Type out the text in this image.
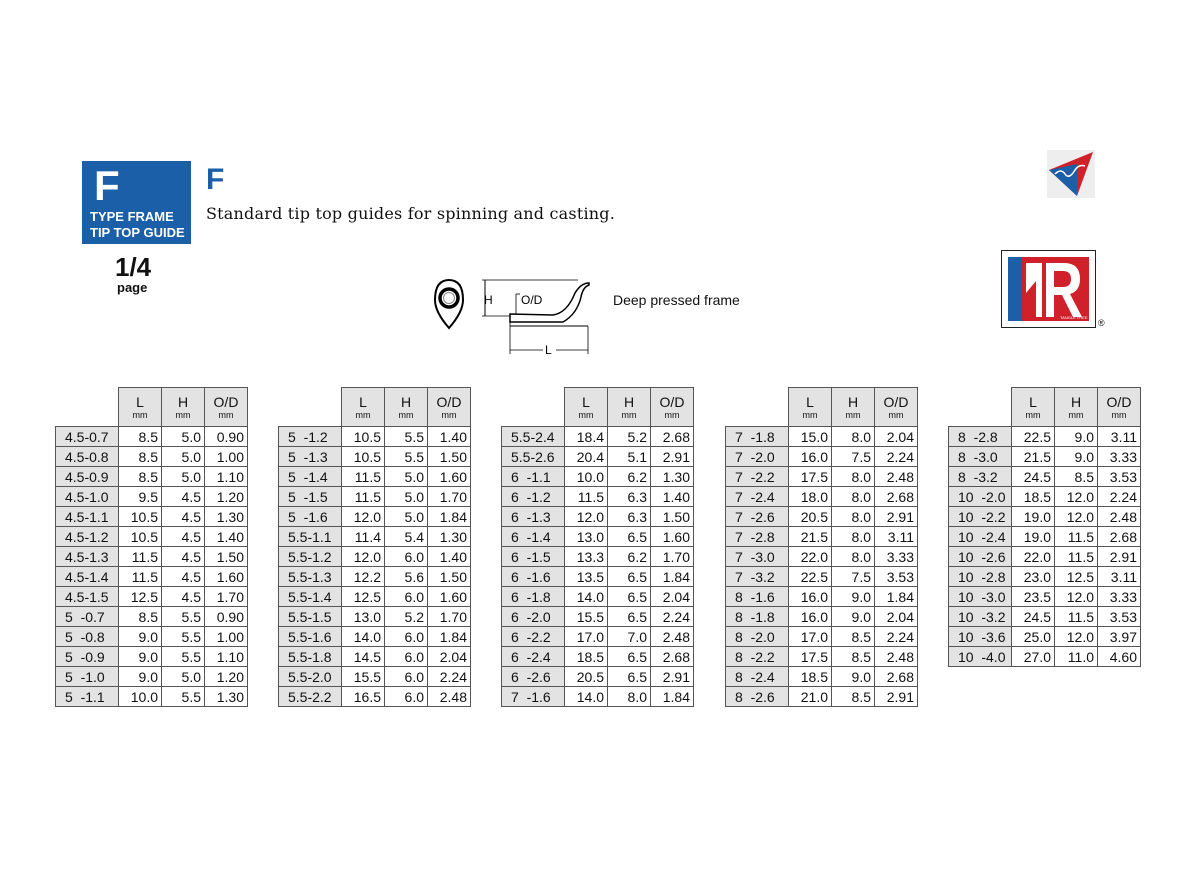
F
TYPE FRAME
TIP TOP GUIDE
1/4
page
F
Standard tip top guides for spinning and casting.
TANGLE FREE
®
H O/D
L
Deep pressed frame

	L
mm	H
mm	O/D
mm

4.5-0.7	8.5	5.0	0.90
4.5-0.8	8.5	5.0	1.00
4.5-0.9	8.5	5.0	1.10
4.5-1.0	9.5	4.5	1.20
4.5-1.1	10.5	4.5	1.30
4.5-1.2	10.5	4.5	1.40
4.5-1.3	11.5	4.5	1.50
4.5-1.4	11.5	4.5	1.60
4.5-1.5	12.5	4.5	1.70
5  -0.7	8.5	5.5	0.90
5  -0.8	9.0	5.5	1.00
5  -0.9	9.0	5.5	1.10
5  -1.0	9.0	5.0	1.20
5  -1.1	10.0	5.5	1.30

	L
mm	H
mm	O/D
mm

5  -1.2	10.5	5.5	1.40
5  -1.3	10.5	5.5	1.50
5  -1.4	11.5	5.0	1.60
5  -1.5	11.5	5.0	1.70
5  -1.6	12.0	5.0	1.84
5.5-1.1	11.4	5.4	1.30
5.5-1.2	12.0	6.0	1.40
5.5-1.3	12.2	5.6	1.50
5.5-1.4	12.5	6.0	1.60
5.5-1.5	13.0	5.2	1.70
5.5-1.6	14.0	6.0	1.84
5.5-1.8	14.5	6.0	2.04
5.5-2.0	15.5	6.0	2.24
5.5-2.2	16.5	6.0	2.48

	L
mm	H
mm	O/D
mm

5.5-2.4	18.4	5.2	2.68
5.5-2.6	20.4	5.1	2.91
6  -1.1	10.0	6.2	1.30
6  -1.2	11.5	6.3	1.40
6  -1.3	12.0	6.3	1.50
6  -1.4	13.0	6.5	1.60
6  -1.5	13.3	6.2	1.70
6  -1.6	13.5	6.5	1.84
6  -1.8	14.0	6.5	2.04
6  -2.0	15.5	6.5	2.24
6  -2.2	17.0	7.0	2.48
6  -2.4	18.5	6.5	2.68
6  -2.6	20.5	6.5	2.91
7  -1.6	14.0	8.0	1.84

	L
mm	H
mm	O/D
mm

7  -1.8	15.0	8.0	2.04
7  -2.0	16.0	7.5	2.24
7  -2.2	17.5	8.0	2.48
7  -2.4	18.0	8.0	2.68
7  -2.6	20.5	8.0	2.91
7  -2.8	21.5	8.0	3.11
7  -3.0	22.0	8.0	3.33
7  -3.2	22.5	7.5	3.53
8  -1.6	16.0	9.0	1.84
8  -1.8	16.0	9.0	2.04
8  -2.0	17.0	8.5	2.24
8  -2.2	17.5	8.5	2.48
8  -2.4	18.5	9.0	2.68
8  -2.6	21.0	8.5	2.91

	L
mm	H
mm	O/D
mm

8  -2.8	22.5	9.0	3.11
8  -3.0	21.5	9.0	3.33
8  -3.2	24.5	8.5	3.53
10  -2.0	18.5	12.0	2.24
10  -2.2	19.0	12.0	2.48
10  -2.4	19.0	11.5	2.68
10  -2.6	22.0	11.5	2.91
10  -2.8	23.0	12.5	3.11
10  -3.0	23.5	12.0	3.33
10  -3.2	24.5	11.5	3.53
10  -3.6	25.0	12.0	3.97
10  -4.0	27.0	11.0	4.60
